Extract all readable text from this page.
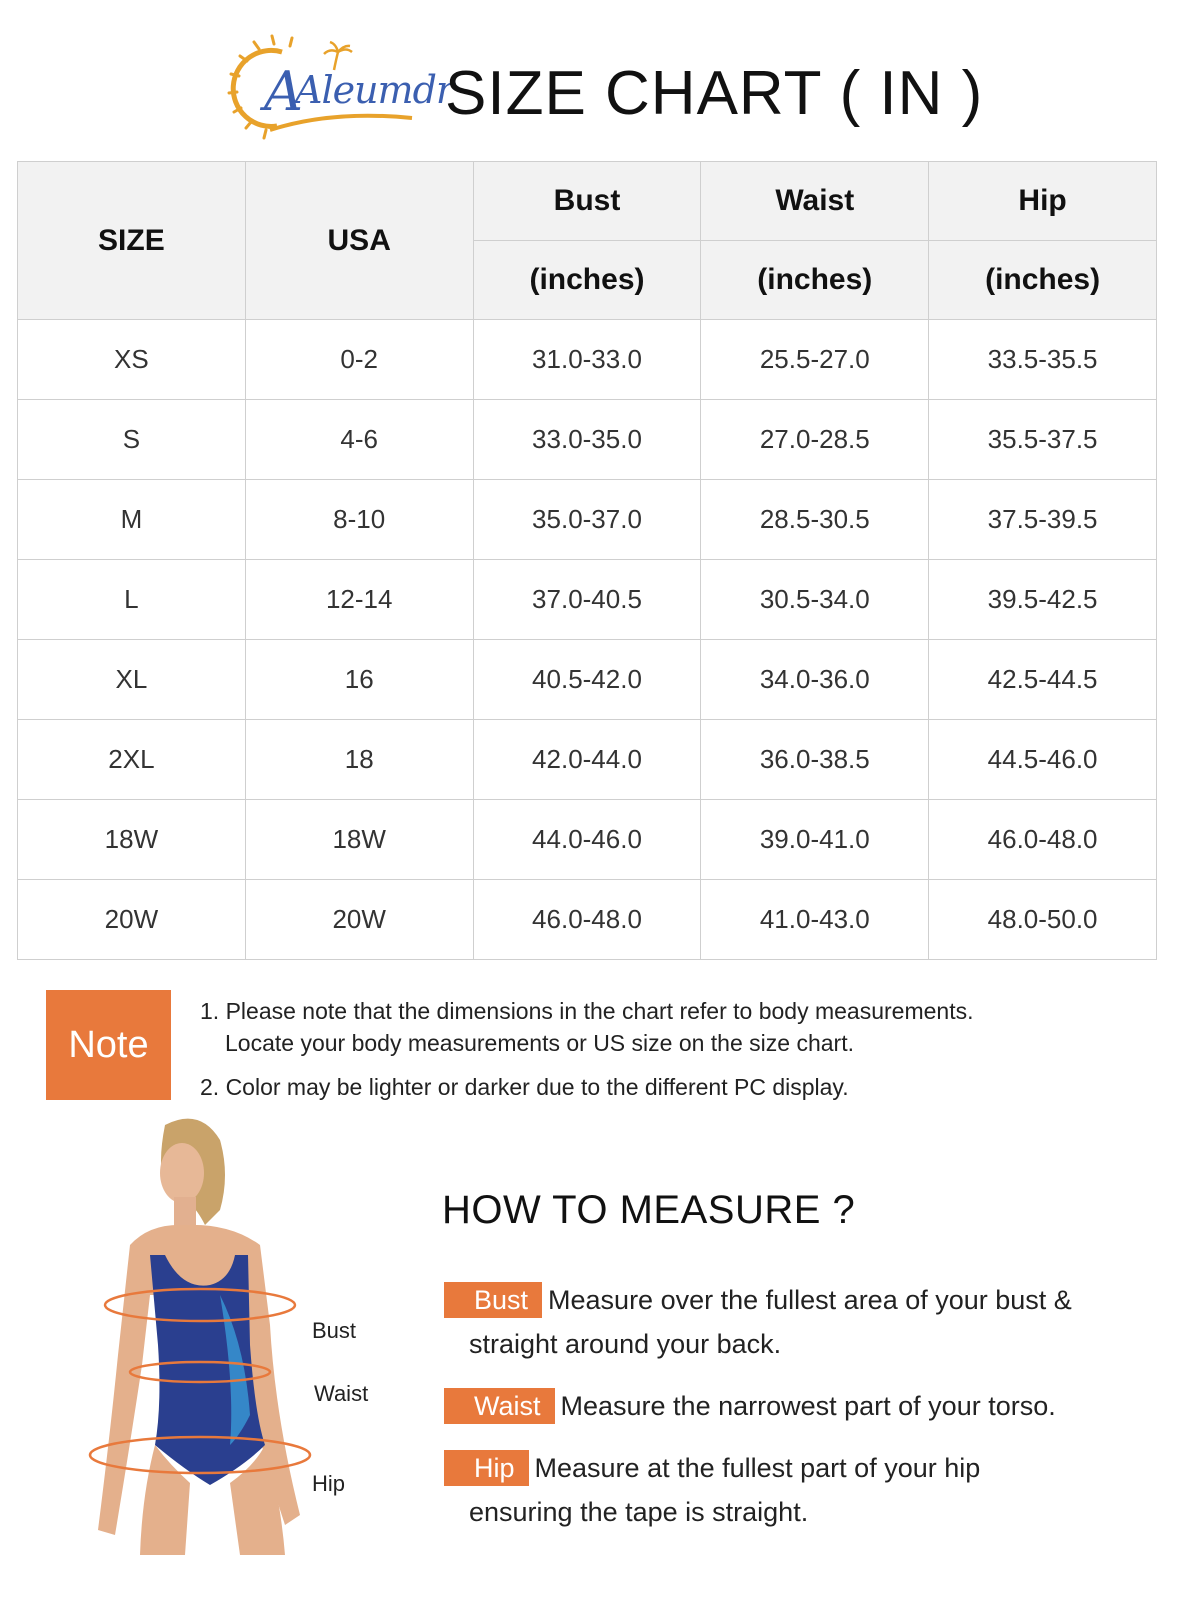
A
Aleumdr
SIZE CHART ( IN )
SIZE	USA	Bust	Waist	Hip
		(inches)	(inches)	(inches)
XS	0-2	31.0-33.0	25.5-27.0	33.5-35.5
S	4-6	33.0-35.0	27.0-28.5	35.5-37.5
M	8-10	35.0-37.0	28.5-30.5	37.5-39.5
L	12-14	37.0-40.5	30.5-34.0	39.5-42.5
XL	16	40.5-42.0	34.0-36.0	42.5-44.5
2XL	18	42.0-44.0	36.0-38.5	44.5-46.0
18W	18W	44.0-46.0	39.0-41.0	46.0-48.0
20W	20W	46.0-48.0	41.0-43.0	48.0-50.0
Note
1. Please note that the dimensions in the chart refer to body measurements.
Locate your body measurements or US size on the size chart.
2. Color may be lighter or darker due to the different PC display.
Bust
Waist
Hip
HOW TO MEASURE ?
Bust Measure over the fullest area of your bust &
straight around your back.
Waist Measure the narrowest part of your torso.
Hip Measure at the fullest part of your hip
ensuring the tape is straight.
